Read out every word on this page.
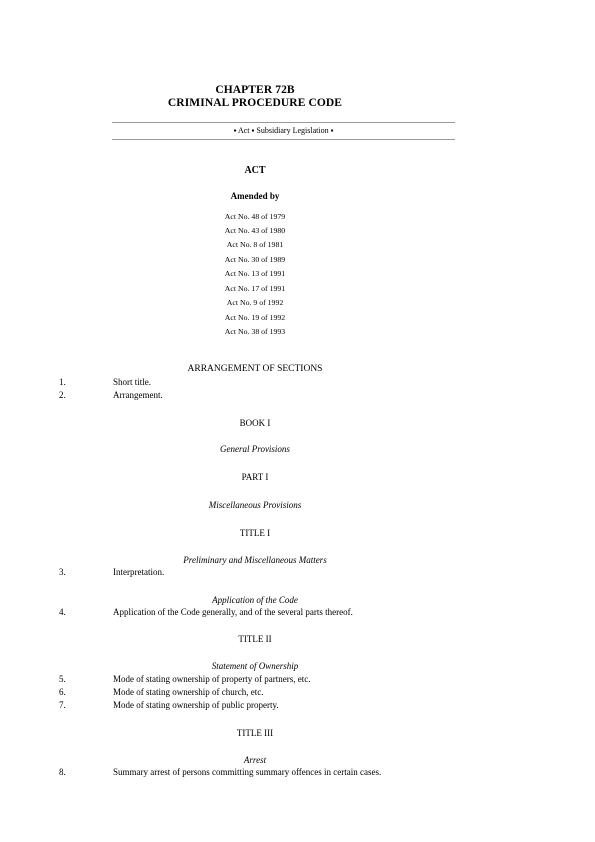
CHAPTER 72B
CRIMINAL PROCEDURE CODE
▪ Act ▪ Subsidiary Legislation ▪
ACT
Amended by
Act No. 48 of 1979
Act No. 43 of 1980
Act No. 8 of 1981
Act No. 30 of 1989
Act No. 13 of 1991
Act No. 17 of 1991
Act No. 9 of 1992
Act No. 19 of 1992
Act No. 38 of 1993
ARRANGEMENT OF SECTIONS
1.	Short title.
2.	Arrangement.
BOOK I
General Provisions
PART I
Miscellaneous Provisions
TITLE I
Preliminary and Miscellaneous Matters
3.	Interpretation.
Application of the Code
4.	Application of the Code generally, and of the several parts thereof.
TITLE II
Statement of Ownership
5.	Mode of stating ownership of property of partners, etc.
6.	Mode of stating ownership of church, etc.
7.	Mode of stating ownership of public property.
TITLE III
Arrest
8.	Summary arrest of persons committing summary offences in certain cases.
